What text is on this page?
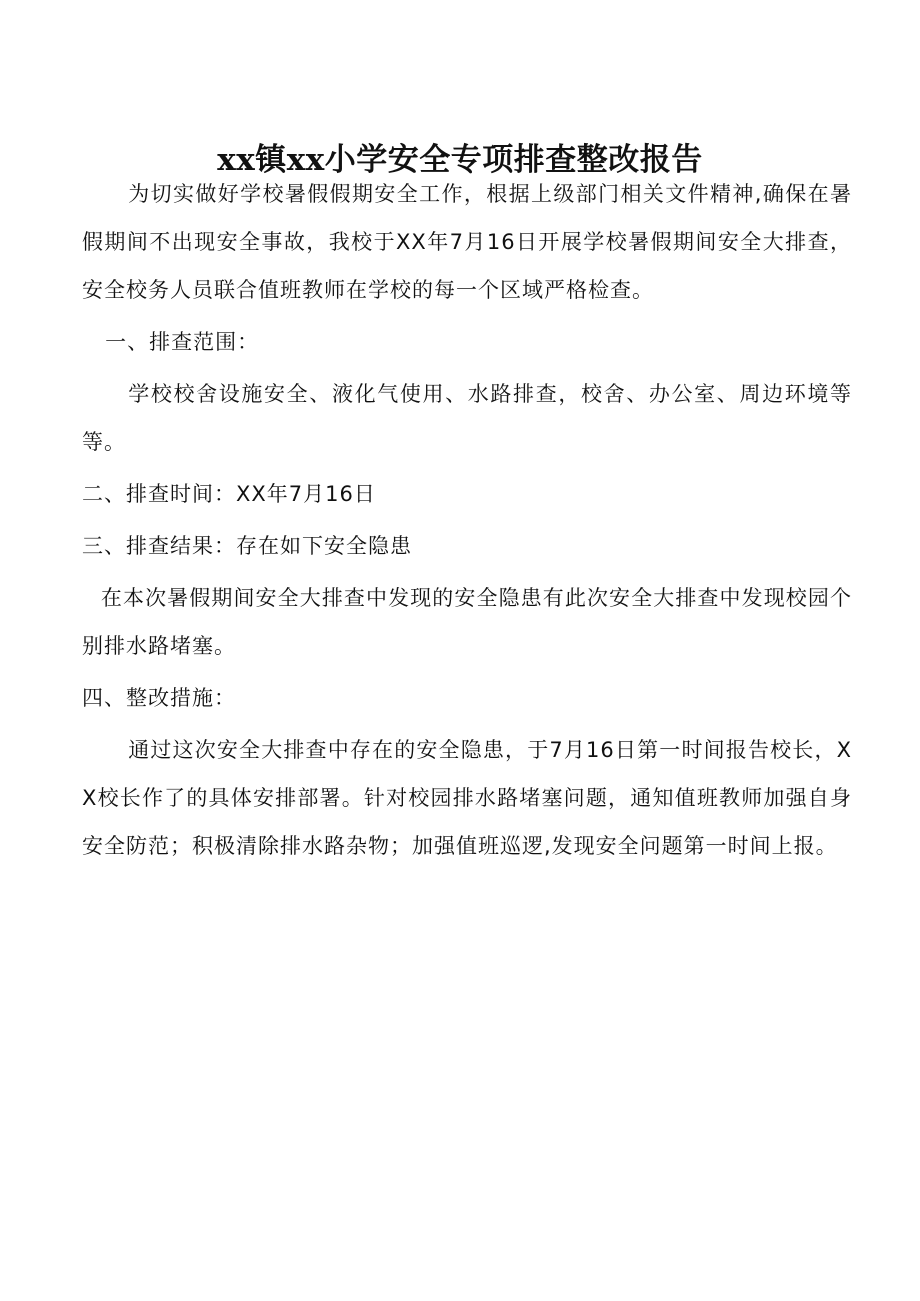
xx镇xx小学安全专项排查整改报告

为切实做好学校暑假假期安全工作，根据上级部门相关文件精神,确保在暑假期间不出现安全事故，我校于XX年7月16日开展学校暑假期间安全大排查，安全校务人员联合值班教师在学校的每一个区域严格检查。

一、排查范围：

学校校舍设施安全、液化气使用、水路排查，校舍、办公室、周边环境等等。

二、排查时间：XX年7月16日

三、排查结果：存在如下安全隐患

在本次暑假期间安全大排查中发现的安全隐患有此次安全大排查中发现校园个别排水路堵塞。

四、整改措施：

通过这次安全大排查中存在的安全隐患，于7月16日第一时间报告校长，XX校长作了的具体安排部署。针对校园排水路堵塞问题，通知值班教师加强自身安全防范；积极清除排水路杂物；加强值班巡逻,发现安全问题第一时间上报。
